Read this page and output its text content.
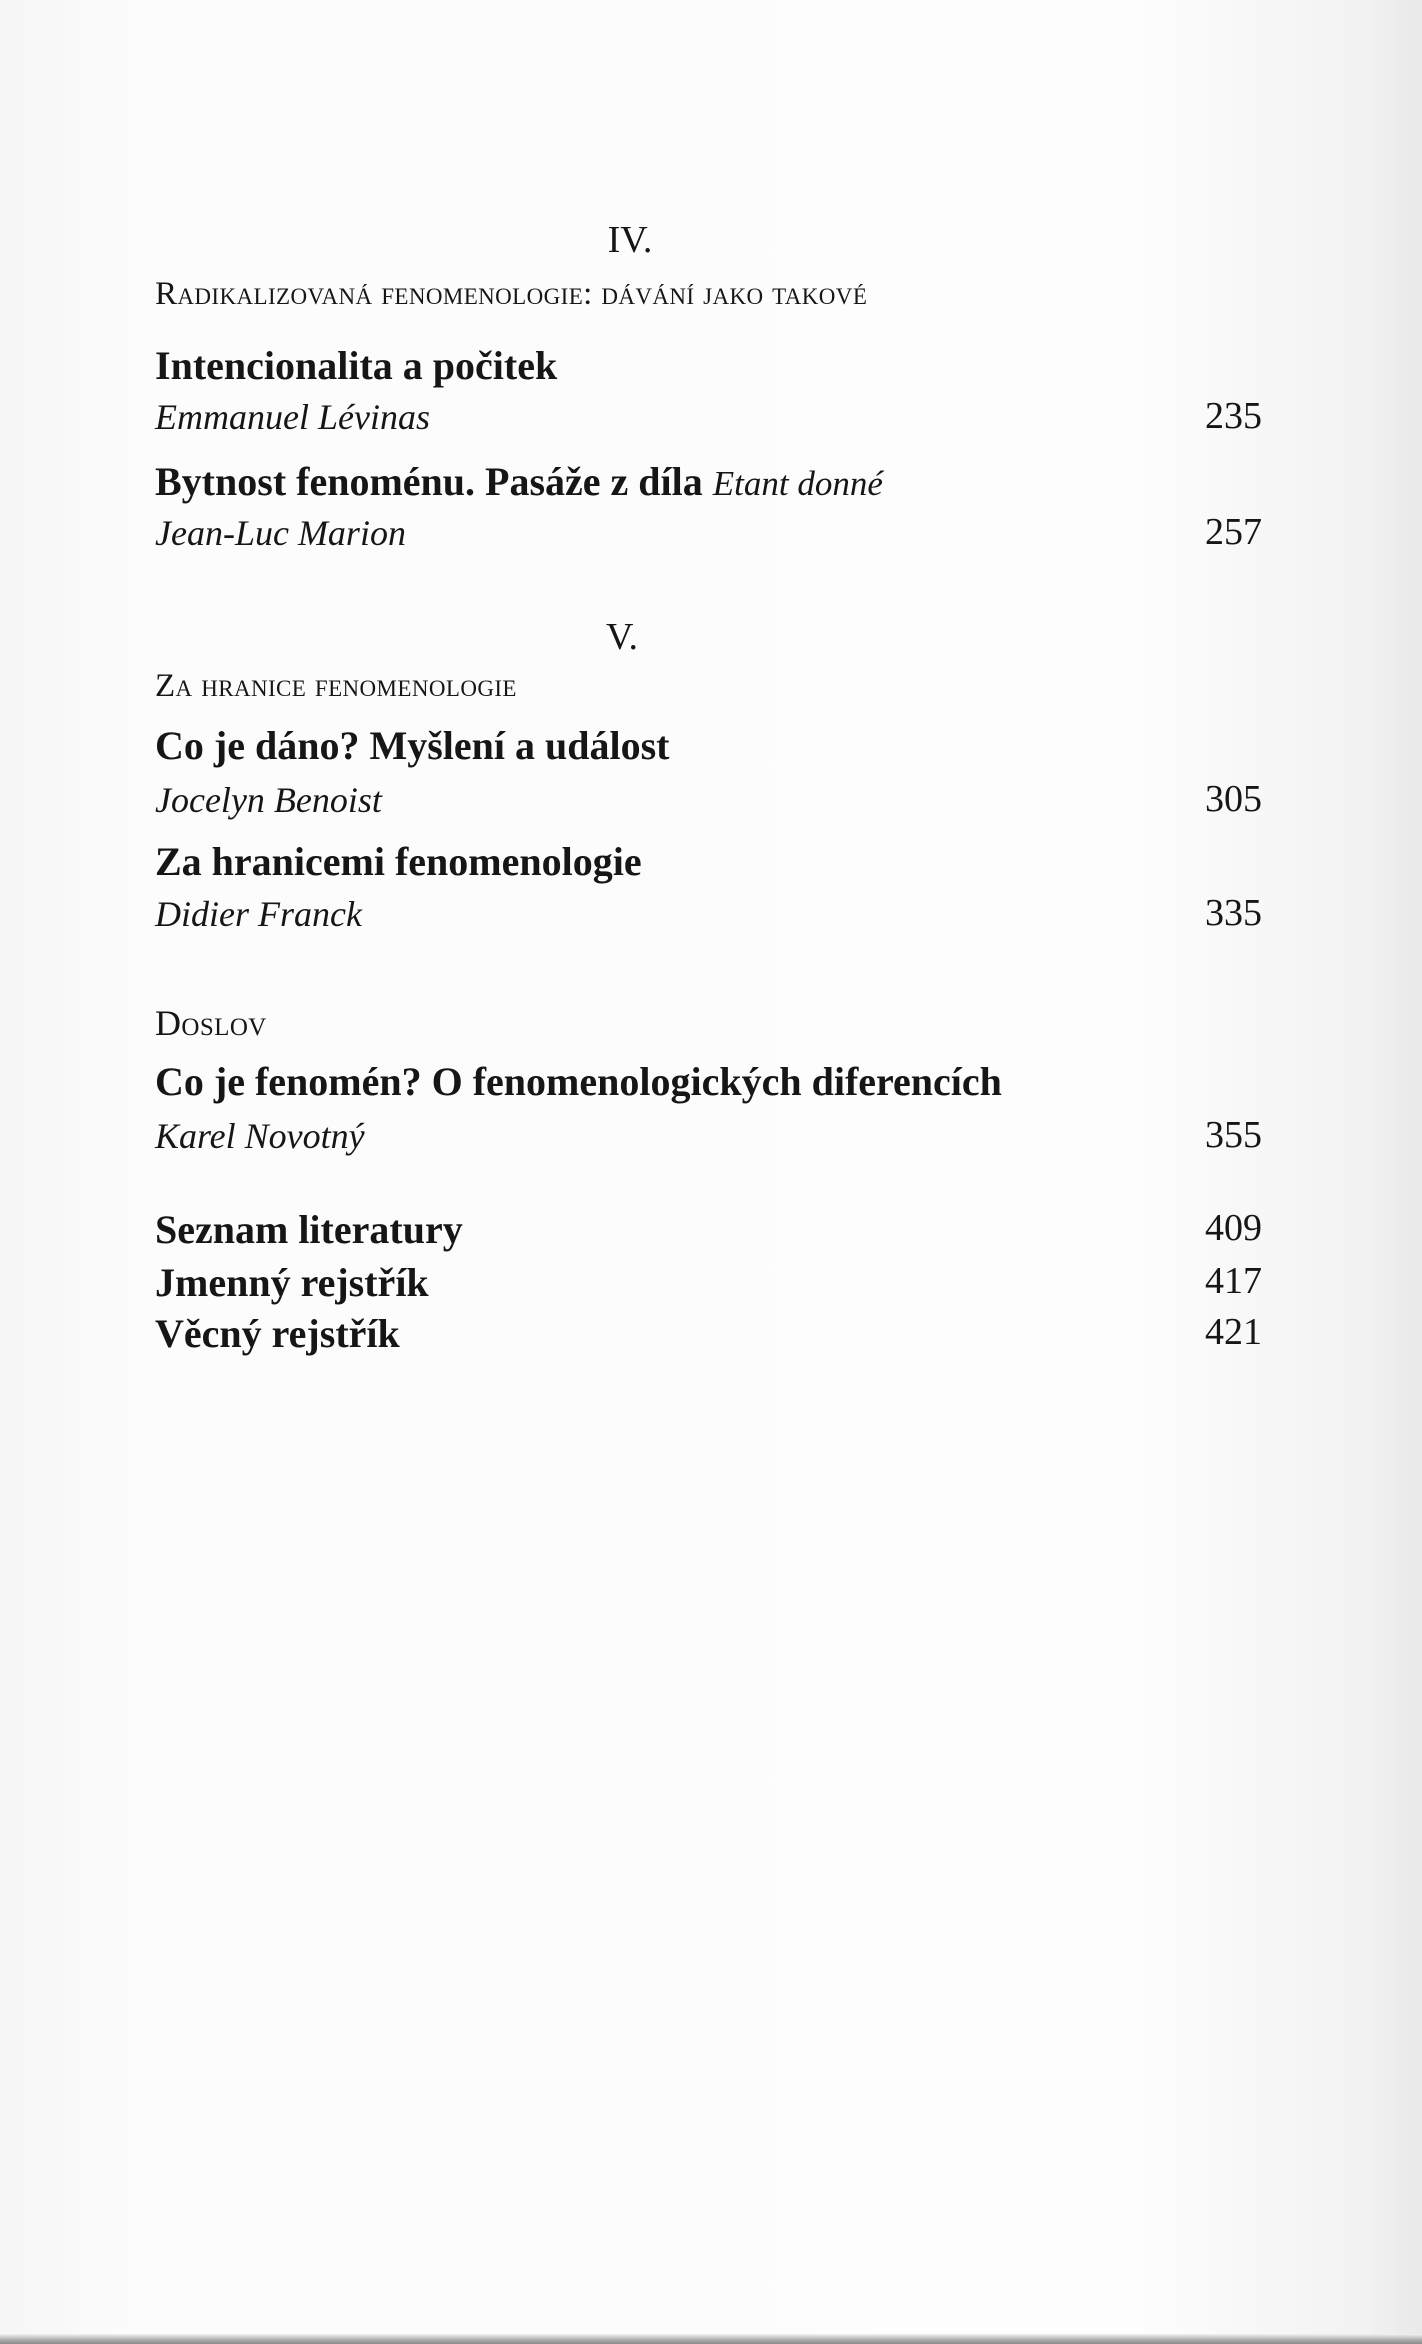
IV.
Radikalizovaná fenomenologie: dávání jako takové
Intencionalita a počitek
Emmanuel Lévinas	235
Bytnost fenoménu. Pasáže z díla Etant donné
Jean-Luc Marion	257
V.
Za hranice fenomenologie
Co je dáno? Myšlení a událost
Jocelyn Benoist	305
Za hranicemi fenomenologie
Didier Franck	335
Doslov
Co je fenomén? O fenomenologických diferencích
Karel Novotný	355
Seznam literatury	409
Jmenný rejstřík	417
Věcný rejstřík	421
